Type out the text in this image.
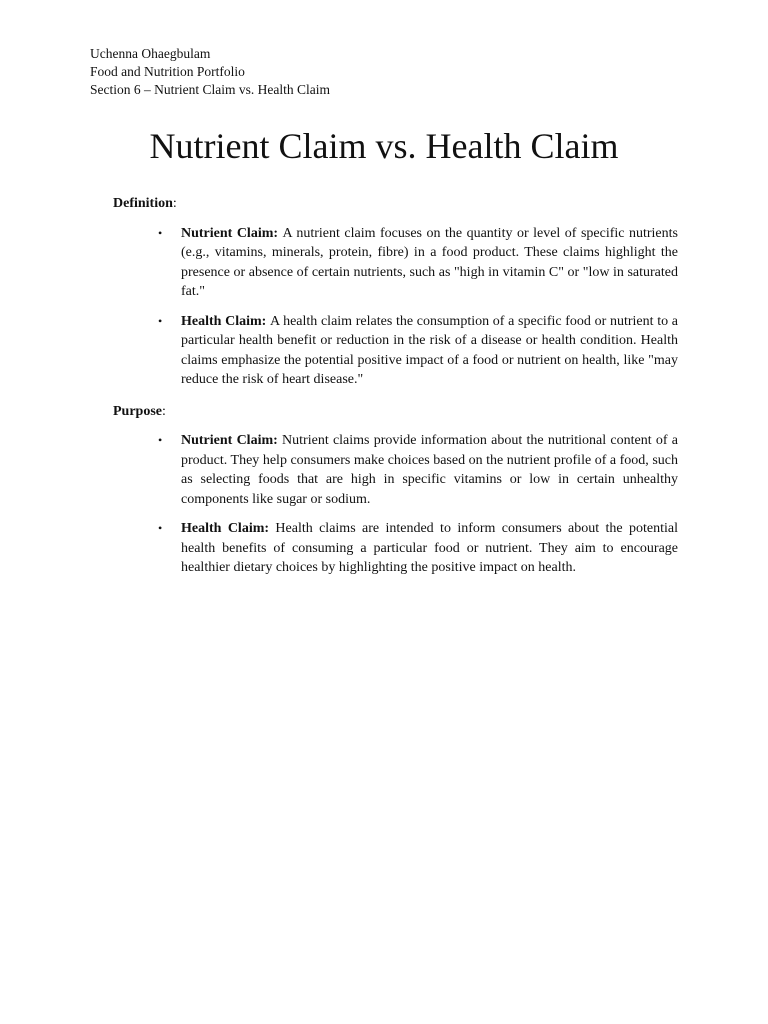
Uchenna Ohaegbulam
Food and Nutrition Portfolio
Section 6 – Nutrient Claim vs. Health Claim
Nutrient Claim vs. Health Claim

Definition:

• Nutrient Claim: A nutrient claim focuses on the quantity or level of specific nutrients (e.g., vitamins, minerals, protein, fibre) in a food product. These claims highlight the presence or absence of certain nutrients, such as "high in vitamin C" or "low in saturated fat."
• Health Claim: A health claim relates the consumption of a specific food or nutrient to a particular health benefit or reduction in the risk of a disease or health condition. Health claims emphasize the potential positive impact of a food or nutrient on health, like "may reduce the risk of heart disease."

Purpose:

• Nutrient Claim: Nutrient claims provide information about the nutritional content of a product. They help consumers make choices based on the nutrient profile of a food, such as selecting foods that are high in specific vitamins or low in certain unhealthy components like sugar or sodium.
• Health Claim: Health claims are intended to inform consumers about the potential health benefits of consuming a particular food or nutrient. They aim to encourage healthier dietary choices by highlighting the positive impact on health.
